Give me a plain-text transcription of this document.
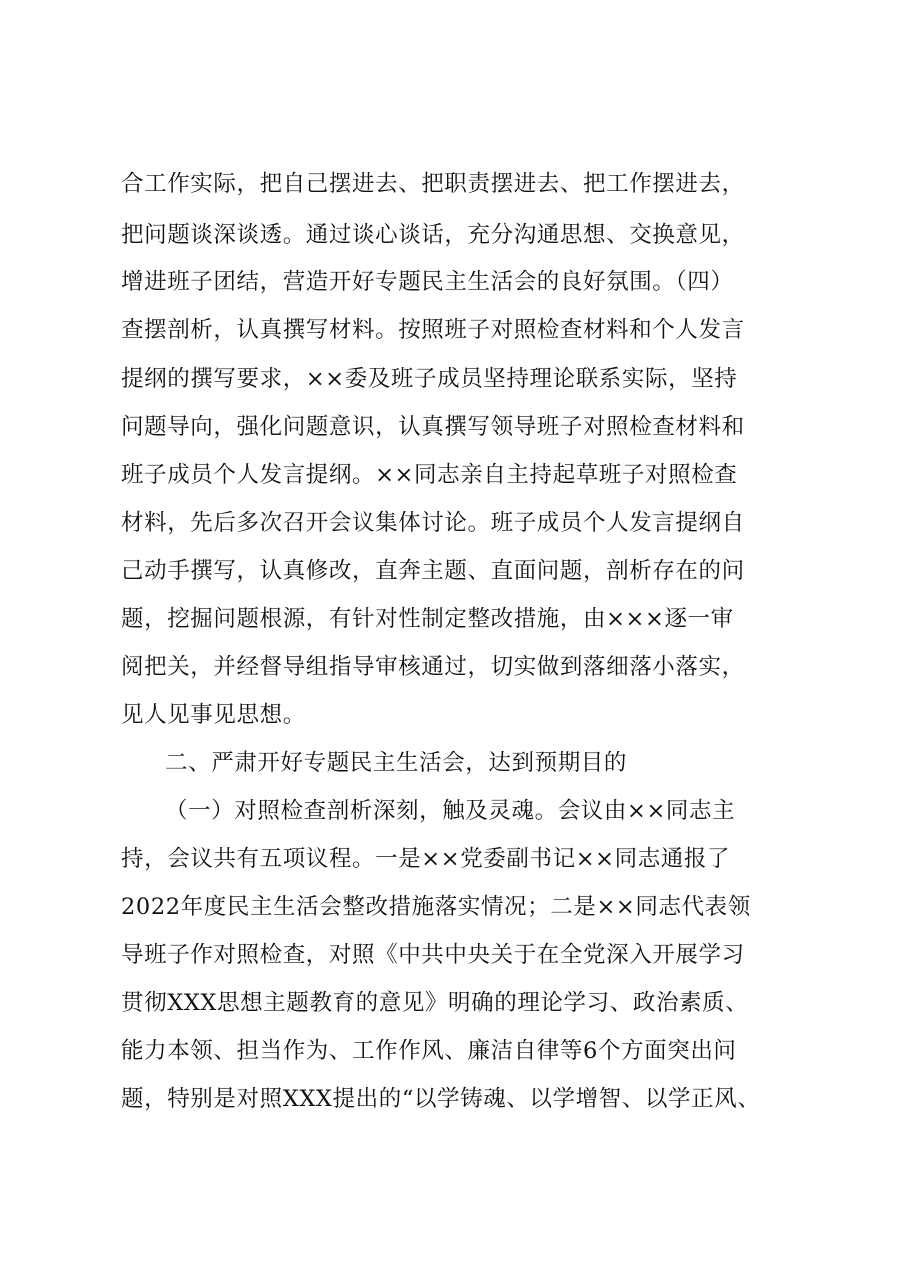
合工作实际，把自己摆进去、把职责摆进去、把工作摆进去，

把问题谈深谈透。通过谈心谈话，充分沟通思想、交换意见，

增进班子团结，营造开好专题民主生活会的良好氛围。（四）

查摆剖析，认真撰写材料。按照班子对照检查材料和个人发言

提纲的撰写要求，××委及班子成员坚持理论联系实际，坚持

问题导向，强化问题意识，认真撰写领导班子对照检查材料和

班子成员个人发言提纲。××同志亲自主持起草班子对照检查

材料，先后多次召开会议集体讨论。班子成员个人发言提纲自

己动手撰写，认真修改，直奔主题、直面问题，剖析存在的问

题，挖掘问题根源，有针对性制定整改措施，由×××逐一审

阅把关，并经督导组指导审核通过，切实做到落细落小落实，

见人见事见思想。

二、严肃开好专题民主生活会，达到预期目的

（一）对照检查剖析深刻，触及灵魂。会议由××同志主

持，会议共有五项议程。一是××党委副书记××同志通报了

2022年度民主生活会整改措施落实情况；二是××同志代表领

导班子作对照检查，对照《中共中央关于在全党深入开展学习

贯彻XXX思想主题教育的意见》明确的理论学习、政治素质、

能力本领、担当作为、工作作风、廉洁自律等6个方面突出问

题，特别是对照XXX提出的“以学铸魂、以学增智、以学正风、
